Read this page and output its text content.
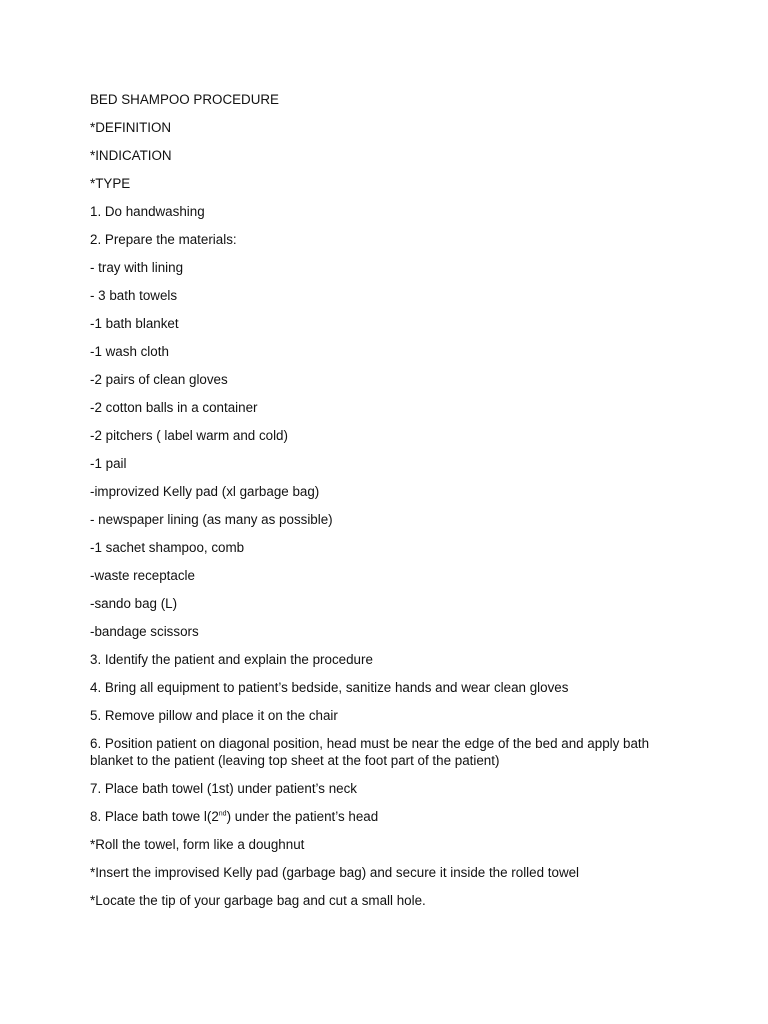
BED SHAMPOO PROCEDURE

*DEFINITION

*INDICATION

*TYPE

1. Do handwashing

2. Prepare the materials:

- tray with lining

- 3 bath towels

-1 bath blanket

-1 wash cloth

-2 pairs of clean gloves

-2 cotton balls in a container

-2 pitchers ( label warm and cold)

-1 pail

-improvized Kelly pad (xl garbage bag)

- newspaper lining (as many as possible)

-1 sachet shampoo, comb

-waste receptacle

-sando bag (L)

-bandage scissors

3. Identify the patient and explain the procedure

4. Bring all equipment to patient’s bedside, sanitize hands and wear clean gloves

5. Remove pillow and place it on the chair

6. Position patient on diagonal position, head must be near the edge of the bed and apply bath blanket to the patient (leaving top sheet at the foot part of the patient)

7. Place bath towel (1st) under patient’s neck

8. Place bath towe l(2nd) under the patient’s head

*Roll the towel, form like a doughnut

*Insert the improvised Kelly pad (garbage bag) and secure it inside the rolled towel

*Locate the tip of your garbage bag and cut a small hole.
